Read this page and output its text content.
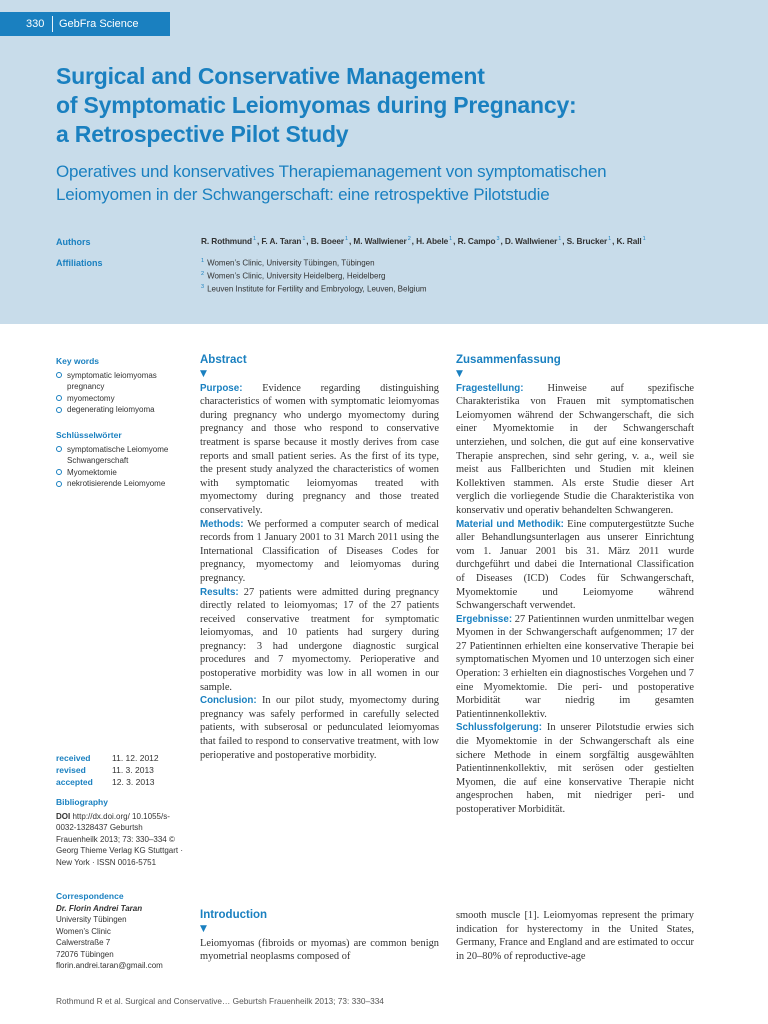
330	GebFra Science
Surgical and Conservative Management
of Symptomatic Leiomyomas during Pregnancy:
a Retrospective Pilot Study
Operatives und konservatives Therapiemanagement von symptomatischen
Leiomyomen in der Schwangerschaft: eine retrospektive Pilotstudie
Authors	R. Rothmund$^1$, F. A. Taran$^1$, B. Boeer$^1$, M. Wallwiener$^2$, H. Abele$^1$, R. Campo$^3$, D. Wallwiener$^1$, S. Brucker$^1$, K. Rall$^1$
Affiliations	$^1$ Women’s Clinic, University Tübingen, Tübingen
$^2$ Women’s Clinic, University Heidelberg, Heidelberg
$^3$ Leuven Institute for Fertility and Embryology, Leuven, Belgium
Key words
symptomatic leiomyomas pregnancy
myomectomy
degenerating leiomyoma
Schlüsselwörter
symptomatische Leiomyome Schwangerschaft
Myomektomie
nekrotisierende Leiomyome
received	11. 12. 2012
revised	11. 3. 2013
accepted	12. 3. 2013
Bibliography
DOI http://dx.doi.org/ 10.1055/s-0032-1328437 Geburtsh Frauenheilk 2013; 73: 330–334 © Georg Thieme Verlag KG Stuttgart · New York · ISSN 0016-5751
Correspondence
Dr. Florin Andrei Taran
University Tübingen
Women’s Clinic
Calwerstraße 7
72076 Tübingen
florin.andrei.taran@gmail.com
Abstract
▼
Purpose: Evidence regarding distinguishing characteristics of women with symptomatic leiomyomas during pregnancy who undergo myomectomy during pregnancy and those who respond to conservative treatment is sparse because it mostly derives from case reports and small patient series. As the first of its type, the present study analyzed the characteristics of women with symptomatic leiomyomas treated with myomectomy during pregnancy and those treated conservatively.
Methods: We performed a computer search of medical records from 1 January 2001 to 31 March 2011 using the International Classification of Diseases Codes for pregnancy, myomectomy and leiomyomas during pregnancy.
Results: 27 patients were admitted during pregnancy directly related to leiomyomas; 17 of the 27 patients received conservative treatment for symptomatic leiomyomas, and 10 patients had surgery during pregnancy: 3 had undergone diagnostic surgical procedures and 7 myomectomy. Perioperative and postoperative morbidity was low in all women in our sample.
Conclusion: In our pilot study, myomectomy during pregnancy was safely performed in carefully selected patients, with subserosal or pedunculated leiomyomas that failed to respond to conservative treatment, with low perioperative and postoperative morbidity.
Zusammenfassung
▼
Fragestellung: Hinweise auf spezifische Charakteristika von Frauen mit symptomatischen Leiomyomen während der Schwangerschaft, die sich einer Myomektomie in der Schwangerschaft unterziehen, und solchen, die gut auf eine konservative Therapie ansprechen, sind sehr gering, v. a., weil sie meist aus Fallberichten und Studien mit kleinen Kollektiven stammen. Als erste Studie dieser Art verglich die vorliegende Studie die Charakteristika von konservativ und operativ behandelten Schwangeren.
Material und Methodik: Eine computergestützte Suche aller Behandlungsunterlagen aus unserer Einrichtung vom 1. Januar 2001 bis 31. März 2011 wurde durchgeführt und dabei die International Classification of Diseases (ICD) Codes für Schwangerschaft, Myomektomie und Leiomyome während Schwangerschaft verwendet.
Ergebnisse: 27 Patientinnen wurden unmittelbar wegen Myomen in der Schwangerschaft aufgenommen; 17 der 27 Patientinnen erhielten eine konservative Therapie bei symptomatischen Myomen und 10 unterzogen sich einer Operation: 3 erhielten ein diagnostisches Vorgehen und 7 eine Myomektomie. Die peri- und postoperative Morbidität war niedrig im gesamten Patientinnenkollektiv.
Schlussfolgerung: In unserer Pilotstudie erwies sich die Myomektomie in der Schwangerschaft als eine sichere Methode in einem sorgfältig ausgewählten Patientinnenkollektiv, mit serösen oder gestielten Myomen, die auf eine konservative Therapie nicht angesprochen haben, mit niedriger peri- und postoperativer Morbidität.
Introduction
▼
Leiomyomas (fibroids or myomas) are common benign myometrial neoplasms composed of
smooth muscle [1]. Leiomyomas represent the primary indication for hysterectomy in the United States, Germany, France and England and are estimated to occur in 20–80% of reproductive-age
Rothmund R et al. Surgical and Conservative… Geburtsh Frauenheilk 2013; 73: 330–334
